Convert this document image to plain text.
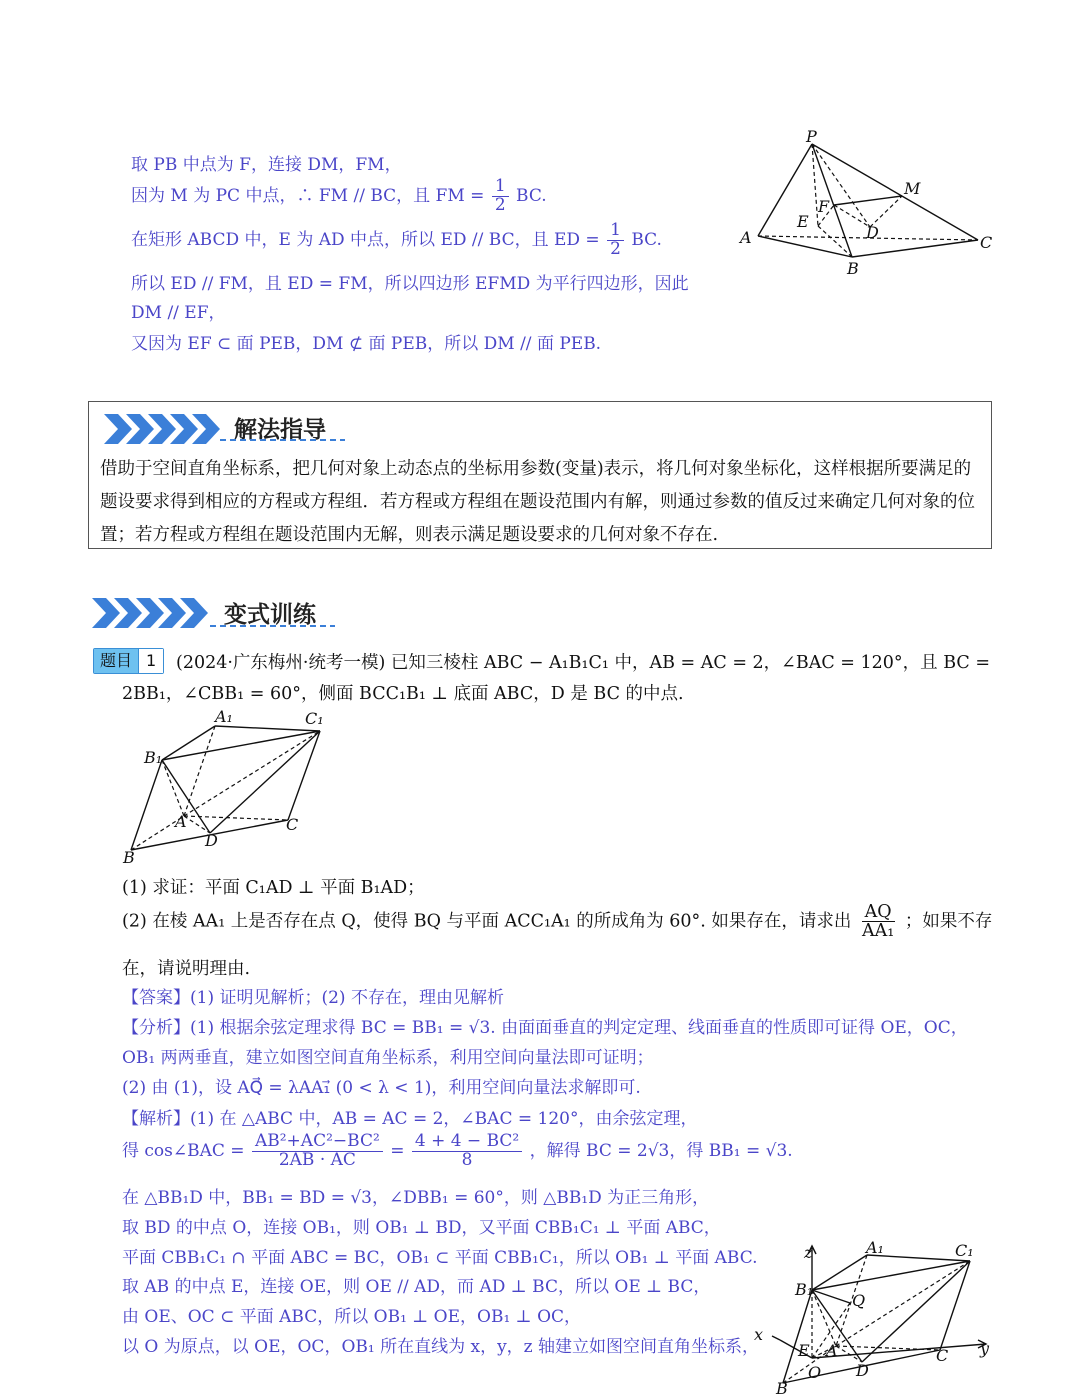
取 PB 中点为 F，连接 DM，FM，
因为 M 为 PC 中点，∴ FM // BC，且 FM = $\frac{1}{2}$ BC.
在矩形 ABCD 中，E 为 AD 中点，所以 ED // BC，且 ED = $\frac{1}{2}$ BC.
所以 ED // FM，且 ED = FM，所以四边形 EFMD 为平行四边形，因此
DM // EF，
又因为 EF ⊂ 面 PEB，DM ⊄ 面 PEB，所以 DM // 面 PEB.
P
M
F
E
D
A	C
B
解法指导
借助于空间直角坐标系，把几何对象上动态点的坐标用参数(变量)表示，将几何对象坐标化，这样根据所要满足的题设要求得到相应的方程或方程组．若方程或方程组在题设范围内有解，则通过参数的值反过来确定几何对象的位置；若方程或方程组在题设范围内无解，则表示满足题设要求的几何对象不存在.
变式训练
题目 1	(2024·广东梅州·统考一模) 已知三棱柱 ABC − A₁B₁C₁ 中，AB = AC = 2，∠BAC = 120°，且 BC =
2BB₁，∠CBB₁ = 60°，侧面 BCC₁B₁ ⊥ 底面 ABC，D 是 BC 的中点.
A₁	C₁
B₁
A	C
D
B
(1) 求证：平面 C₁AD ⊥ 平面 B₁AD；
(2) 在棱 AA₁ 上是否存在点 Q，使得 BQ 与平面 ACC₁A₁ 的所成角为 60°. 如果存在，请求出 $\frac{AQ}{\text{AA₁}}$ ；如果不存
在，请说明理由.
【答案】(1) 证明见解析；(2) 不存在，理由见解析
【分析】(1) 根据余弦定理求得 BC = BB₁ = √3. 由面面垂直的判定定理、线面垂直的性质即可证得 OE，OC，
OB₁ 两两垂直，建立如图空间直角坐标系，利用空间向量法即可证明；
(2) 由 (1)，设 AQ⃗ = λAA₁⃗ (0 < λ < 1)，利用空间向量法求解即可.
【解析】(1) 在 △ABC 中，AB = AC = 2，∠BAC = 120°，由余弦定理，
得 cos∠BAC = $\frac{\text{AB²+AC²−BC²}}{2AB \cdot AC} = \frac{\text{4 + 4 − BC²}}{8}$ ，解得 BC = 2√3，得 BB₁ = √3.
在 △BB₁D 中，BB₁ = BD = √3，∠DBB₁ = 60°，则 △BB₁D 为正三角形，
取 BD 的中点 O，连接 OB₁，则 OB₁ ⊥ BD，又平面 CBB₁C₁ ⊥ 平面 ABC，
平面 CBB₁C₁ ∩ 平面 ABC = BC，OB₁ ⊂ 平面 CBB₁C₁，所以 OB₁ ⊥ 平面 ABC.
取 AB 的中点 E，连接 OE，则 OE // AD，而 AD ⊥ BC，所以 OE ⊥ BC，
由 OE、OC ⊂ 平面 ABC，所以 OB₁ ⊥ OE，OB₁ ⊥ OC，
以 O 为原点，以 OE，OC，OB₁ 所在直线为 x，y，z 轴建立如图空间直角坐标系，
z	A₁	C₁
B₁
Q
x
y
E A	C
D
B
O
